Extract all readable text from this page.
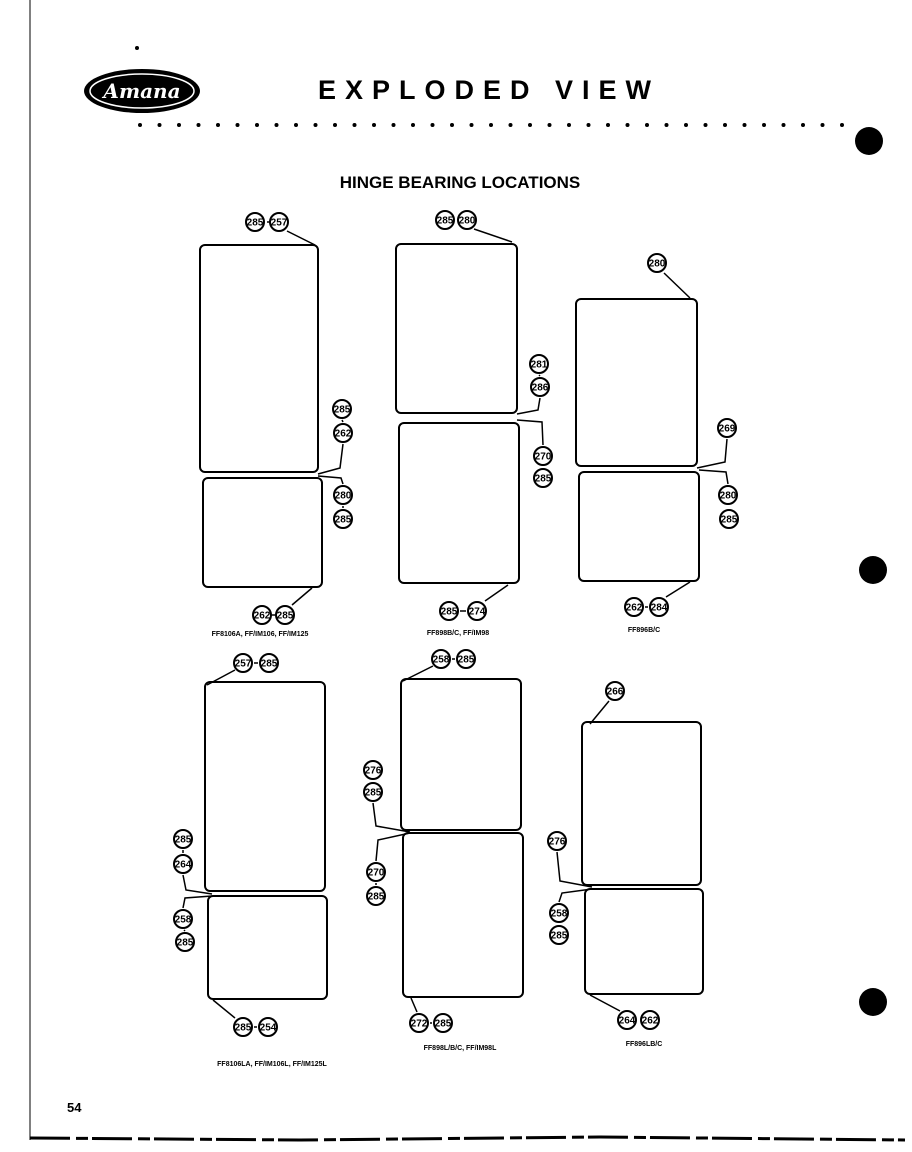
Amana	EXPLODED VIEW
HINGE BEARING LOCATIONS
285 257
285
262
280
285
262 285
FF8106A, FF/IM106, FF/IM125
285 280
281
286
270
285
285 274
FF898B/C, FF/IM98
280
269
280
285
262 284
FF896B/C
257 285
285
264
258
285
285 254
FF8106LA, FF/IM106L, FF/IM125L
258 285
276
285
270
285
272 285
FF898L/B/C, FF/IM98L
266
276
258
285
264 262
FF896LB/C
54
